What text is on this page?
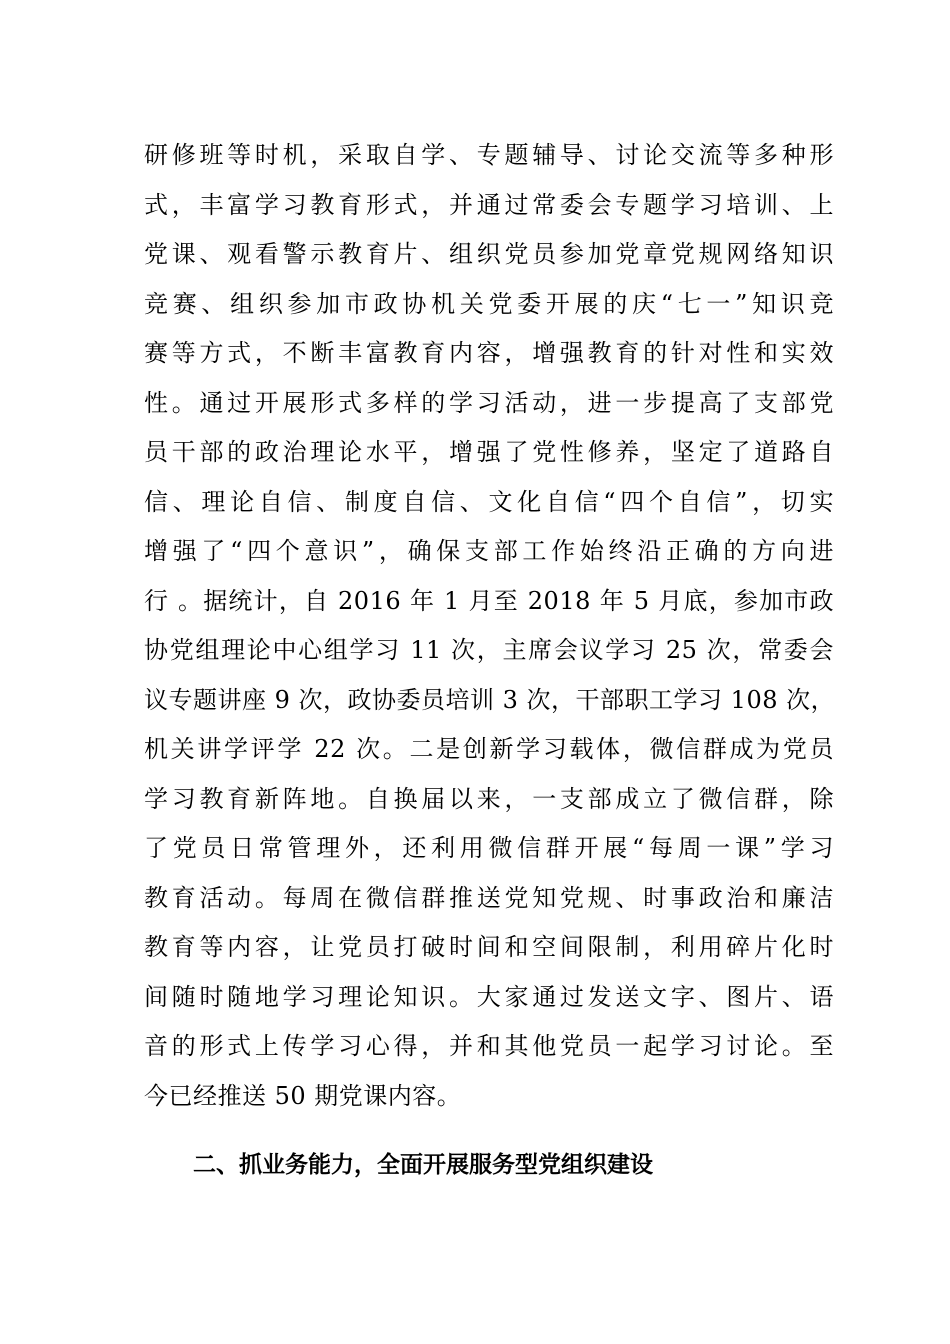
研修班等时机，采取自学、专题辅导、讨论交流等多种形
式，丰富学习教育形式，并通过常委会专题学习培训、上
党课、观看警示教育片、组织党员参加党章党规网络知识
竞赛、组织参加市政协机关党委开展的庆“七一”知识竞
赛等方式，不断丰富教育内容，增强教育的针对性和实效
性。通过开展形式多样的学习活动，进一步提高了支部党
员干部的政治理论水平，增强了党性修养，坚定了道路自
信、理论自信、制度自信、文化自信“四个自信”，切实
增强了“四个意识”，确保支部工作始终沿正确的方向进
行 。据统计，自 2016 年 1 月至 2018 年 5 月底，参加市政
协党组理论中心组学习 11 次，主席会议学习 25 次，常委会
议专题讲座 9 次，政协委员培训 3 次，干部职工学习 108 次，
机关讲学评学 22 次。二是创新学习载体，微信群成为党员
学习教育新阵地。自换届以来，一支部成立了微信群，除
了党员日常管理外，还利用微信群开展“每周一课”学习
教育活动。每周在微信群推送党知党规、时事政治和廉洁
教育等内容，让党员打破时间和空间限制，利用碎片化时
间随时随地学习理论知识。大家通过发送文字、图片、语
音的形式上传学习心得，并和其他党员一起学习讨论。至
今已经推送 50 期党课内容。
二、抓业务能力，全面开展服务型党组织建设
